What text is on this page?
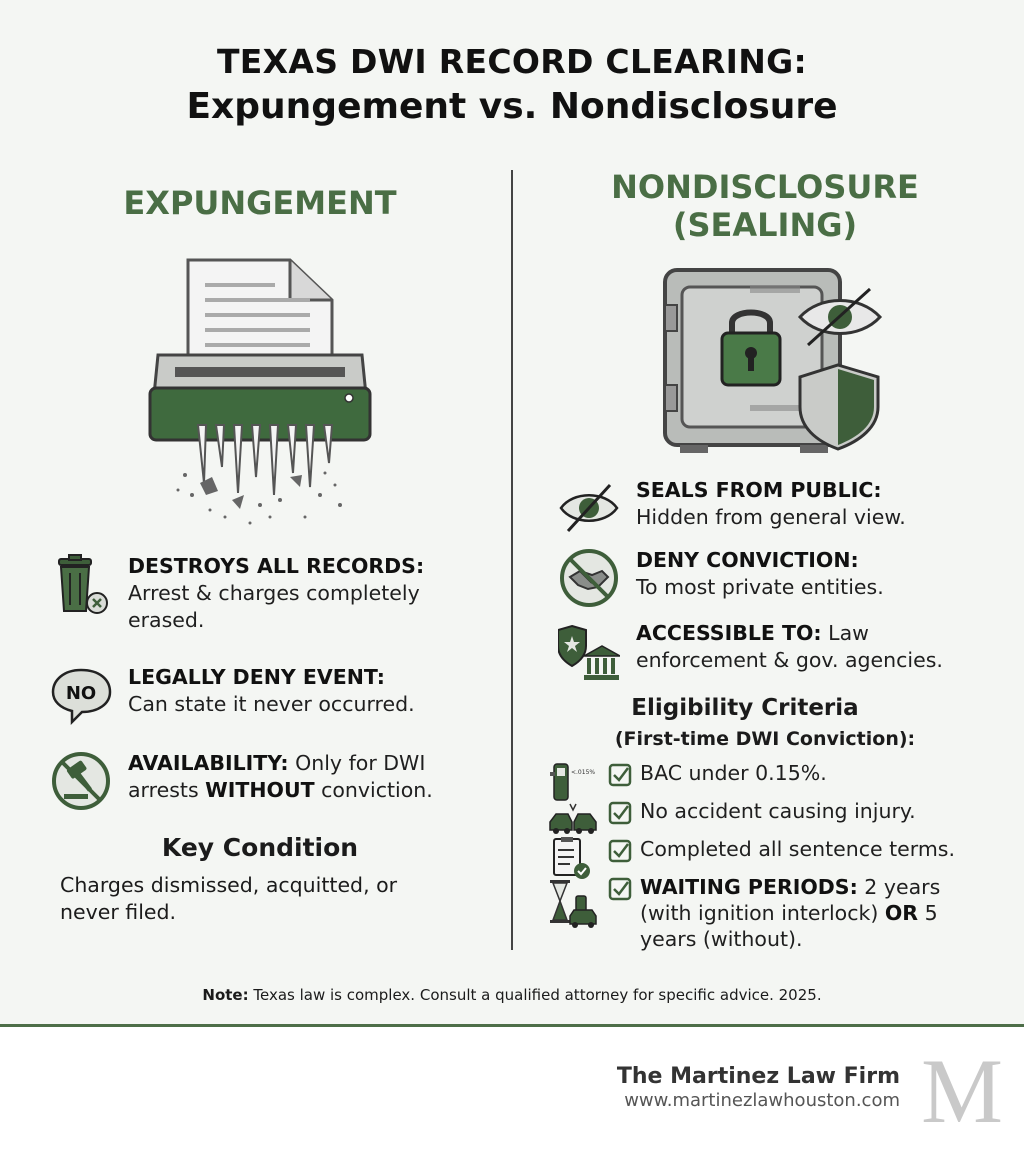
TEXAS DWI RECORD CLEARING:
Expungement vs. Nondisclosure
EXPUNGEMENT
DESTROYS ALL RECORDS:
Arrest & charges completely erased.
NO
LEGALLY DENY EVENT:
Can state it never occurred.
AVAILABILITY: Only for DWI arrests WITHOUT conviction.
Key Condition
Charges dismissed, acquitted, or never filed.
NONDISCLOSURE
(SEALING)
SEALS FROM PUBLIC:
Hidden from general view.
DENY CONVICTION:
To most private entities.
ACCESSIBLE TO: Law enforcement & gov. agencies.
Eligibility Criteria
(First-time DWI Conviction):
<.015% BAC under 0.15%.
No accident causing injury.
Completed all sentence terms.
WAITING PERIODS: 2 years (with ignition interlock) OR 5 years (without).
Note: Texas law is complex. Consult a qualified attorney for specific advice. 2025.
The Martinez Law Firm
www.martinezlawhouston.com M
